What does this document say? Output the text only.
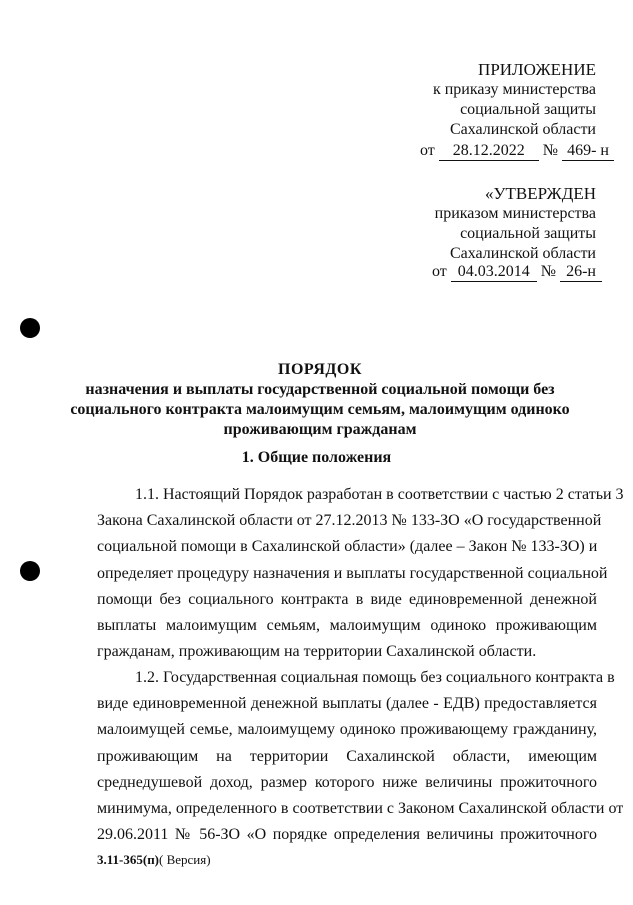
ПРИЛОЖЕНИЕ
к приказу министерства
социальной защиты
Сахалинской области
от 28.12.2022 № 469- н
«УТВЕРЖДЕН
приказом министерства
социальной защиты
Сахалинской области
от 04.03.2014 № 26-н
ПОРЯДОК
назначения и выплаты государственной социальной помощи без
социального контракта малоимущим семьям, малоимущим одиноко
проживающим гражданам
1. Общие положения
1.1. Настоящий Порядок разработан в соответствии с частью 2 статьи 3
Закона Сахалинской области от 27.12.2013 № 133-ЗО «О государственной
социальной помощи в Сахалинской области» (далее – Закон № 133-ЗО) и
определяет процедуру назначения и выплаты государственной социальной
помощи без социального контракта в виде единовременной денежной
выплаты малоимущим семьям, малоимущим одиноко проживающим
гражданам, проживающим на территории Сахалинской области.
1.2. Государственная социальная помощь без социального контракта в
виде единовременной денежной выплаты (далее - ЕДВ) предоставляется
малоимущей семье, малоимущему одиноко проживающему гражданину,
проживающим на территории Сахалинской области, имеющим
среднедушевой доход, размер которого ниже величины прожиточного
минимума, определенного в соответствии с Законом Сахалинской области от
29.06.2011 № 56-ЗО «О порядке определения величины прожиточного
3.11-365(п)( Версия)
